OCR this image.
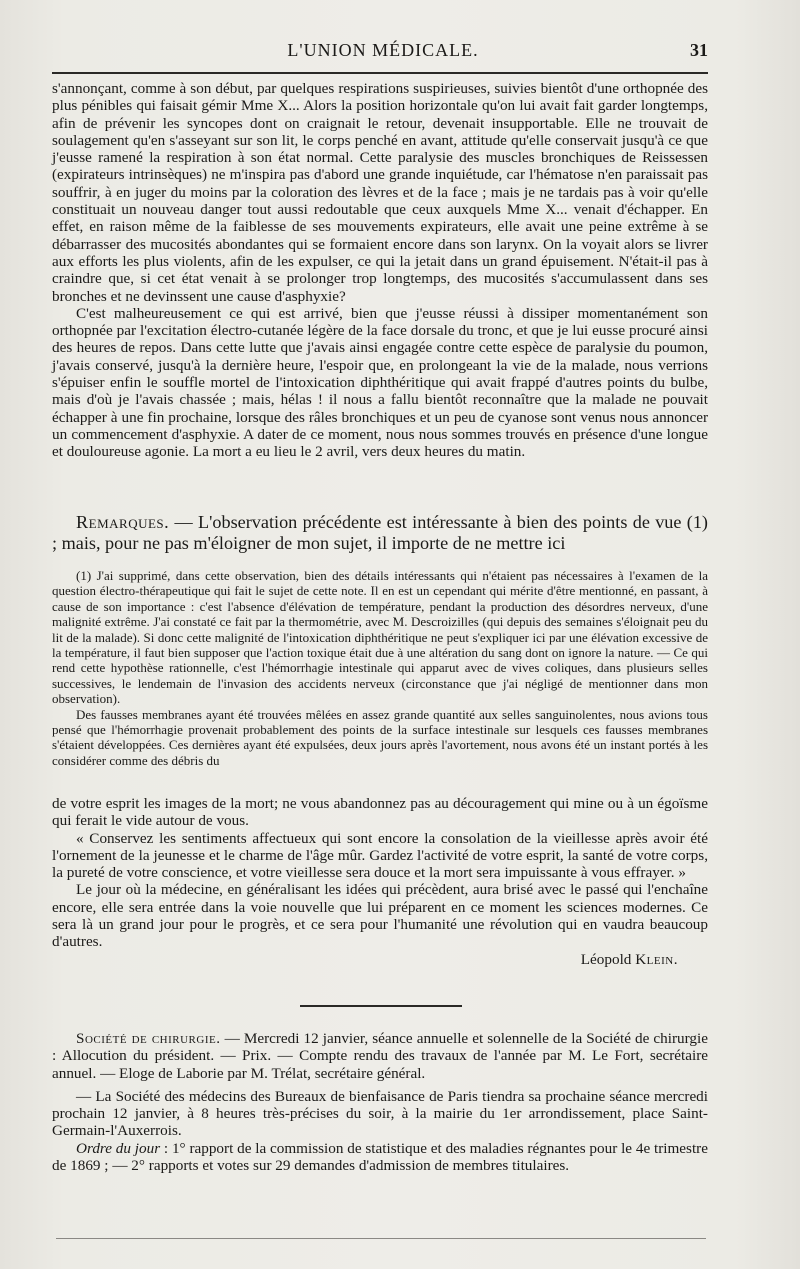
L'UNION MÉDICALE.	31

s'annonçant, comme à son début, par quelques respirations suspirieuses, suivies bientôt d'une orthopnée des plus pénibles qui faisait gémir Mme X... Alors la position horizontale qu'on lui avait fait garder longtemps, afin de prévenir les syncopes dont on craignait le retour, devenait insupportable. Elle ne trouvait de soulagement qu'en s'asseyant sur son lit, le corps penché en avant, attitude qu'elle conservait jusqu'à ce que j'eusse ramené la respiration à son état normal. Cette paralysie des muscles bronchiques de Reissessen (expirateurs intrinsèques) ne m'inspira pas d'abord une grande inquiétude, car l'hématose n'en paraissait pas souffrir, à en juger du moins par la coloration des lèvres et de la face ; mais je ne tardais pas à voir qu'elle constituait un nouveau danger tout aussi redoutable que ceux auxquels Mme X... venait d'échapper. En effet, en raison même de la faiblesse de ses mouvements expirateurs, elle avait une peine extrême à se débarrasser des mucosités abondantes qui se formaient encore dans son larynx. On la voyait alors se livrer aux efforts les plus violents, afin de les expulser, ce qui la jetait dans un grand épuisement. N'était-il pas à craindre que, si cet état venait à se prolonger trop longtemps, des mucosités s'accumulassent dans ses bronches et ne devinssent une cause d'asphyxie?

C'est malheureusement ce qui est arrivé, bien que j'eusse réussi à dissiper momentanément son orthopnée par l'excitation électro-cutanée légère de la face dorsale du tronc, et que je lui eusse procuré ainsi des heures de repos. Dans cette lutte que j'avais ainsi engagée contre cette espèce de paralysie du poumon, j'avais conservé, jusqu'à la dernière heure, l'espoir que, en prolongeant la vie de la malade, nous verrions s'épuiser enfin le souffle mortel de l'intoxication diphthéritique qui avait frappé d'autres points du bulbe, mais d'où je l'avais chassée ; mais, hélas ! il nous a fallu bientôt reconnaître que la malade ne pouvait échapper à une fin prochaine, lorsque des râles bronchiques et un peu de cyanose sont venus nous annoncer un commencement d'asphyxie. A dater de ce moment, nous nous sommes trouvés en présence d'une longue et douloureuse agonie. La mort a eu lieu le 2 avril, vers deux heures du matin.

Remarques. — L'observation précédente est intéressante à bien des points de vue (1) ; mais, pour ne pas m'éloigner de mon sujet, il importe de ne mettre ici

(1) J'ai supprimé, dans cette observation, bien des détails intéressants qui n'étaient pas nécessaires à l'examen de la question électro-thérapeutique qui fait le sujet de cette note. Il en est un cependant qui mérite d'être mentionné, en passant, à cause de son importance : c'est l'absence d'élévation de température, pendant la production des désordres nerveux, d'une malignité extrême. J'ai constaté ce fait par la thermométrie, avec M. Descroizilles (qui depuis des semaines s'éloignait peu du lit de la malade). Si donc cette malignité de l'intoxication diphthéritique ne peut s'expliquer ici par une élévation excessive de la température, il faut bien supposer que l'action toxique était due à une altération du sang dont on ignore la nature. — Ce qui rend cette hypothèse rationnelle, c'est l'hémorrhagie intestinale qui apparut avec de vives coliques, dans plusieurs selles successives, le lendemain de l'invasion des accidents nerveux (circonstance que j'ai négligé de mentionner dans mon observation).

Des fausses membranes ayant été trouvées mêlées en assez grande quantité aux selles sanguinolentes, nous avions tous pensé que l'hémorrhagie provenait probablement des points de la surface intestinale sur lesquels ces fausses membranes s'étaient développées. Ces dernières ayant été expulsées, deux jours après l'avortement, nous avons été un instant portés à les considérer comme des débris du

de votre esprit les images de la mort; ne vous abandonnez pas au découragement qui mine ou à un égoïsme qui ferait le vide autour de vous.

« Conservez les sentiments affectueux qui sont encore la consolation de la vieillesse après avoir été l'ornement de la jeunesse et le charme de l'âge mûr. Gardez l'activité de votre esprit, la santé de votre corps, la pureté de votre conscience, et votre vieillesse sera douce et la mort sera impuissante à vous effrayer. »

Le jour où la médecine, en généralisant les idées qui précèdent, aura brisé avec le passé qui l'enchaîne encore, elle sera entrée dans la voie nouvelle que lui préparent en ce moment les sciences modernes. Ce sera là un grand jour pour le progrès, et ce sera pour l'humanité une révolution qui en vaudra beaucoup d'autres.

Léopold Klein.

Société de chirurgie. — Mercredi 12 janvier, séance annuelle et solennelle de la Société de chirurgie : Allocution du président. — Prix. — Compte rendu des travaux de l'année par M. Le Fort, secrétaire annuel. — Eloge de Laborie par M. Trélat, secrétaire général.

— La Société des médecins des Bureaux de bienfaisance de Paris tiendra sa prochaine séance mercredi prochain 12 janvier, à 8 heures très-précises du soir, à la mairie du 1er arrondissement, place Saint-Germain-l'Auxerrois.

Ordre du jour : 1° rapport de la commission de statistique et des maladies régnantes pour le 4e trimestre de 1869 ; — 2° rapports et votes sur 29 demandes d'admission de membres titulaires.
